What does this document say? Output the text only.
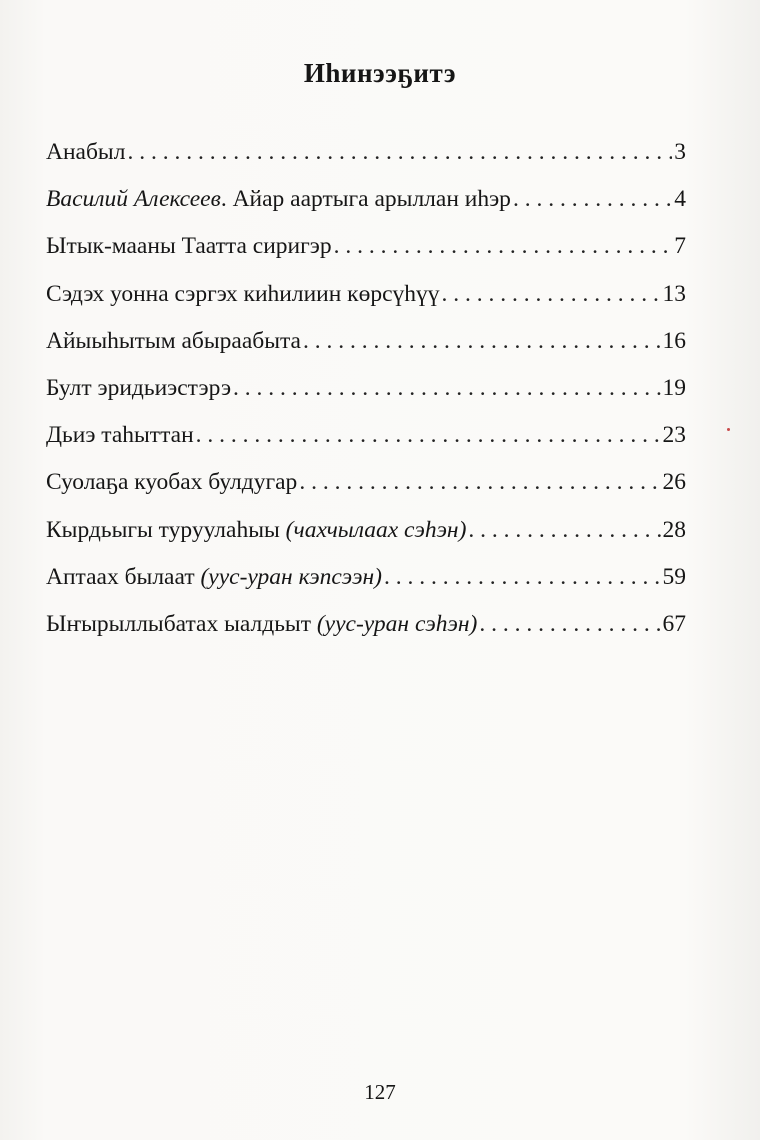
Иhинээҕитэ
Анабыл . . .	3
Василий Алексеев. Айар аартыга арыллан иhэр . . .	4
Ытык-мааны Таатта сиригэр . . .	7
Сэдэх уонна сэргэх киhилиин көрсүhүү . . .	13
Айыыhытым абыраабыта . . .	16
Булт эридьиэстэрэ . . .	19
Дьиэ таhыттан . . .	23
Суолаҕа куобах булдугар . . .	26
Кырдьыгы туруулаhыы (чахчылаах сэhэн) . . .	28
Аптаах былаат (уус-уран кэпсээн) . . .	59
Ыҥырыллыбатах ыалдьыт (уус-уран сэhэн) . . .	67
127
